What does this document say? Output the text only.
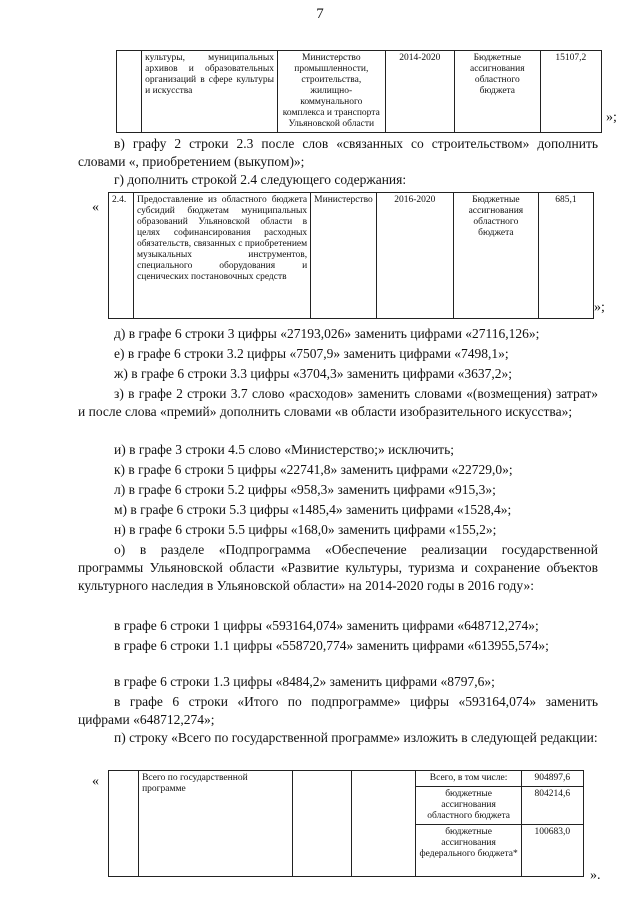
7
	культуры, муниципальных архивов и образовательных организаций в сфере культуры и искусства	Министерство промышленности, строительства, жилищно-коммунального комплекса и транспорта Ульяновской области	2014-2020	Бюджетные ассигнования областного бюджета	15107,2
»;
в) графу 2 строки 2.3 после слов «связанных со строительством» дополнить словами «, приобретением (выкупом)»;
г) дополнить строкой 2.4 следующего содержания:
« 2.4.	Предоставление из областного бюджета субсидий бюджетам муниципальных образований Ульяновской области в целях софинансирования расходных обязательств, связанных с приобретением музыкальных инструментов, специального оборудования и сценических постановочных средств	Министерство	2016-2020	Бюджетные ассигнования областного бюджета	685,1
»;
д) в графе 6 строки 3 цифры «27193,026» заменить цифрами «27116,126»;
е) в графе 6 строки 3.2 цифры «7507,9» заменить цифрами «7498,1»;
ж) в графе 6 строки 3.3 цифры «3704,3» заменить цифрами «3637,2»;
з) в графе 2 строки 3.7 слово «расходов» заменить словами «(возмещения) затрат» и после слова «премий» дополнить словами «в области изобразительного искусства»;
и) в графе 3 строки 4.5 слово «Министерство;» исключить;
к) в графе 6 строки 5 цифры «22741,8» заменить цифрами «22729,0»;
л) в графе 6 строки 5.2 цифры «958,3» заменить цифрами «915,3»;
м) в графе 6 строки 5.3 цифры «1485,4» заменить цифрами «1528,4»;
н) в графе 6 строки 5.5 цифры «168,0» заменить цифрами «155,2»;
о) в разделе «Подпрограмма «Обеспечение реализации государственной программы Ульяновской области «Развитие культуры, туризма и сохранение объектов культурного наследия в Ульяновской области» на 2014-2020 годы в 2016 году»:
в графе 6 строки 1 цифры «593164,074» заменить цифрами «648712,274»;
в графе 6 строки 1.1 цифры «558720,774» заменить цифрами «613955,574»;
в графе 6 строки 1.3 цифры «8484,2» заменить цифрами «8797,6»;
в графе 6 строки «Итого по подпрограмме» цифры «593164,074» заменить цифрами «648712,274»;
п) строку «Всего по государственной программе» изложить в следующей редакции:
«
		Всего по государственной программе			Всего, в том числе:	904897,6
				бюджетные ассигнования областного бюджета	804214,6
				бюджетные ассигнования федерального бюджета*	100683,0
».
